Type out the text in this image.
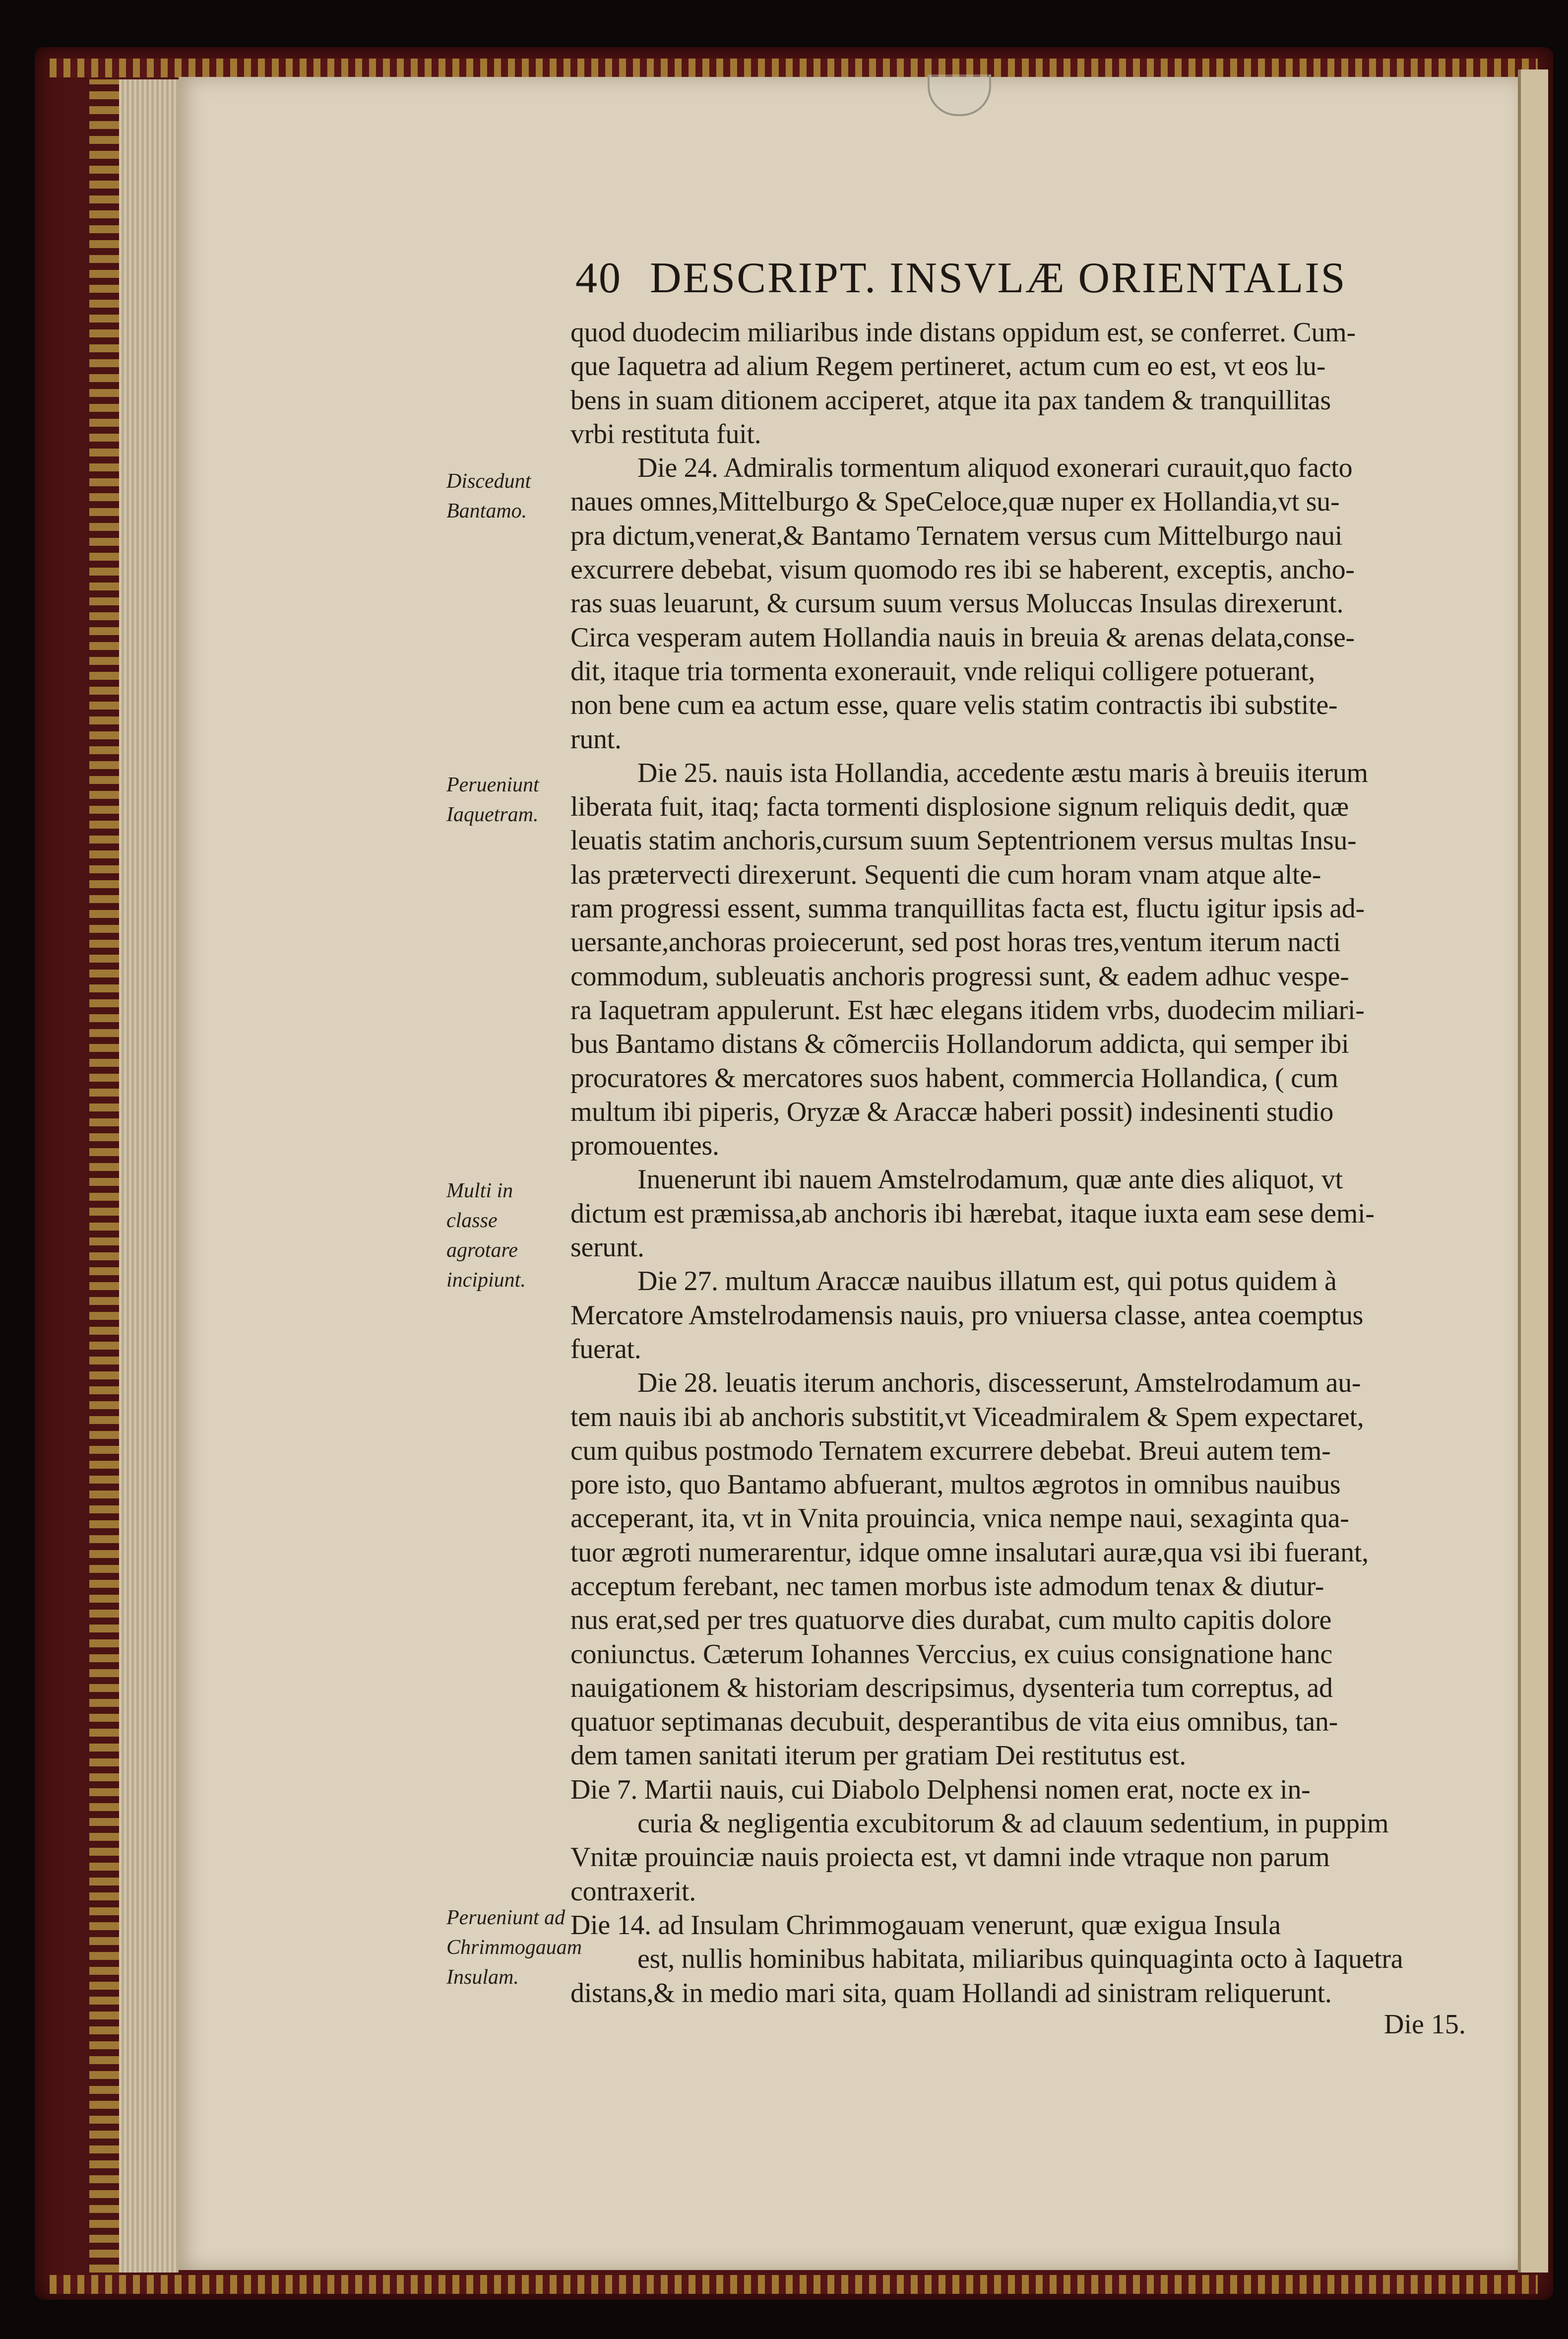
40 DESCRIPT. INSVLÆ ORIENTALIS
Discedunt Bantamo.
Perueniunt Iaquetram.
Multi in classe agrotare incipiunt.
Perueniunt ad Chrimmogauam Insulam.
quod duodecim miliaribus inde distans oppidum est, se conferret. Cum-
que Iaquetra ad alium Regem pertineret, actum cum eo est, vt eos lu-
bens in suam ditionem acciperet, atque ita pax tandem & tranquillitas
vrbi restituta fuit.
Die 24. Admiralis tormentum aliquod exonerari curauit,quo facto
naues omnes,Mittelburgo & SpeCeloce,quæ nuper ex Hollandia,vt su-
pra dictum,venerat,& Bantamo Ternatem versus cum Mittelburgo naui
excurrere debebat, visum quomodo res ibi se haberent, exceptis, ancho-
ras suas leuarunt, & cursum suum versus Moluccas Insulas direxerunt.
Circa vesperam autem Hollandia nauis in breuia & arenas delata,conse-
dit, itaque tria tormenta exonerauit, vnde reliqui colligere potuerant,
non bene cum ea actum esse, quare velis statim contractis ibi substite-
runt.
Die 25. nauis ista Hollandia, accedente æstu maris à breuiis iterum
liberata fuit, itaq; facta tormenti displosione signum reliquis dedit, quæ
leuatis statim anchoris,cursum suum Septentrionem versus multas Insu-
las prætervecti direxerunt. Sequenti die cum horam vnam atque alte-
ram progressi essent, summa tranquillitas facta est, fluctu igitur ipsis ad-
uersante,anchoras proiecerunt, sed post horas tres,ventum iterum nacti
commodum, subleuatis anchoris progressi sunt, & eadem adhuc vespe-
ra Iaquetram appulerunt. Est hæc elegans itidem vrbs, duodecim miliari-
bus Bantamo distans & cõmerciis Hollandorum addicta, qui semper ibi
procuratores & mercatores suos habent, commercia Hollandica, ( cum
multum ibi piperis, Oryzæ & Araccæ haberi possit) indesinenti studio
promouentes.
Inuenerunt ibi nauem Amstelrodamum, quæ ante dies aliquot, vt
dictum est præmissa,ab anchoris ibi hærebat, itaque iuxta eam sese demi-
serunt.
Die 27. multum Araccæ nauibus illatum est, qui potus quidem à
Mercatore Amstelrodamensis nauis, pro vniuersa classe, antea coemptus
fuerat.
Die 28. leuatis iterum anchoris, discesserunt, Amstelrodamum au-
tem nauis ibi ab anchoris substitit,vt Viceadmiralem & Spem expectaret,
cum quibus postmodo Ternatem excurrere debebat. Breui autem tem-
pore isto, quo Bantamo abfuerant, multos ægrotos in omnibus nauibus
acceperant, ita, vt in Vnita prouincia, vnica nempe naui, sexaginta qua-
tuor ægroti numerarentur, idque omne insalutari auræ,qua vsi ibi fuerant,
acceptum ferebant, nec tamen morbus iste admodum tenax & diutur-
nus erat,sed per tres quatuorve dies durabat, cum multo capitis dolore
coniunctus. Cæterum Iohannes Verccius, ex cuius consignatione hanc
nauigationem & historiam descripsimus, dysenteria tum correptus, ad
quatuor septimanas decubuit, desperantibus de vita eius omnibus, tan-
dem tamen sanitati iterum per gratiam Dei restitutus est.
Die 7. Martii nauis, cui Diabolo Delphensi nomen erat, nocte ex in-
curia & negligentia excubitorum & ad clauum sedentium, in puppim
Vnitæ prouinciæ nauis proiecta est, vt damni inde vtraque non parum
contraxerit.
Die 14. ad Insulam Chrimmogauam venerunt, quæ exigua Insula
est, nullis hominibus habitata, miliaribus quinquaginta octo à Iaquetra
distans,& in medio mari sita, quam Hollandi ad sinistram reliquerunt.
Die 15.
